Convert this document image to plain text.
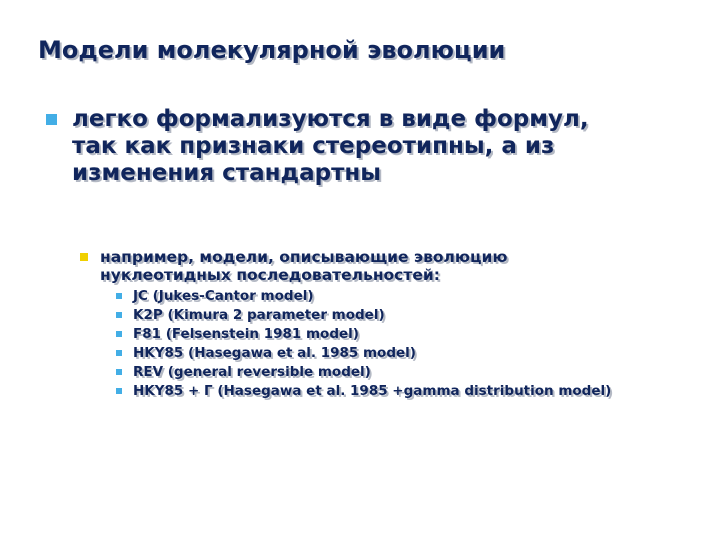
Модели молекулярной эволюции
легко формализуются в виде формул, так как признаки стереотипны, а из изменения стандартны
например, модели, описывающие эволюцию нуклеотидных последовательностей:
JC (Jukes-Cantor model)
K2P (Kimura 2 parameter model)
F81 (Felsenstein 1981 model)
HKY85 (Hasegawa et al. 1985 model)
REV (general reversible model)
HKY85 + Г (Hasegawa et al. 1985 +gamma distribution model)
